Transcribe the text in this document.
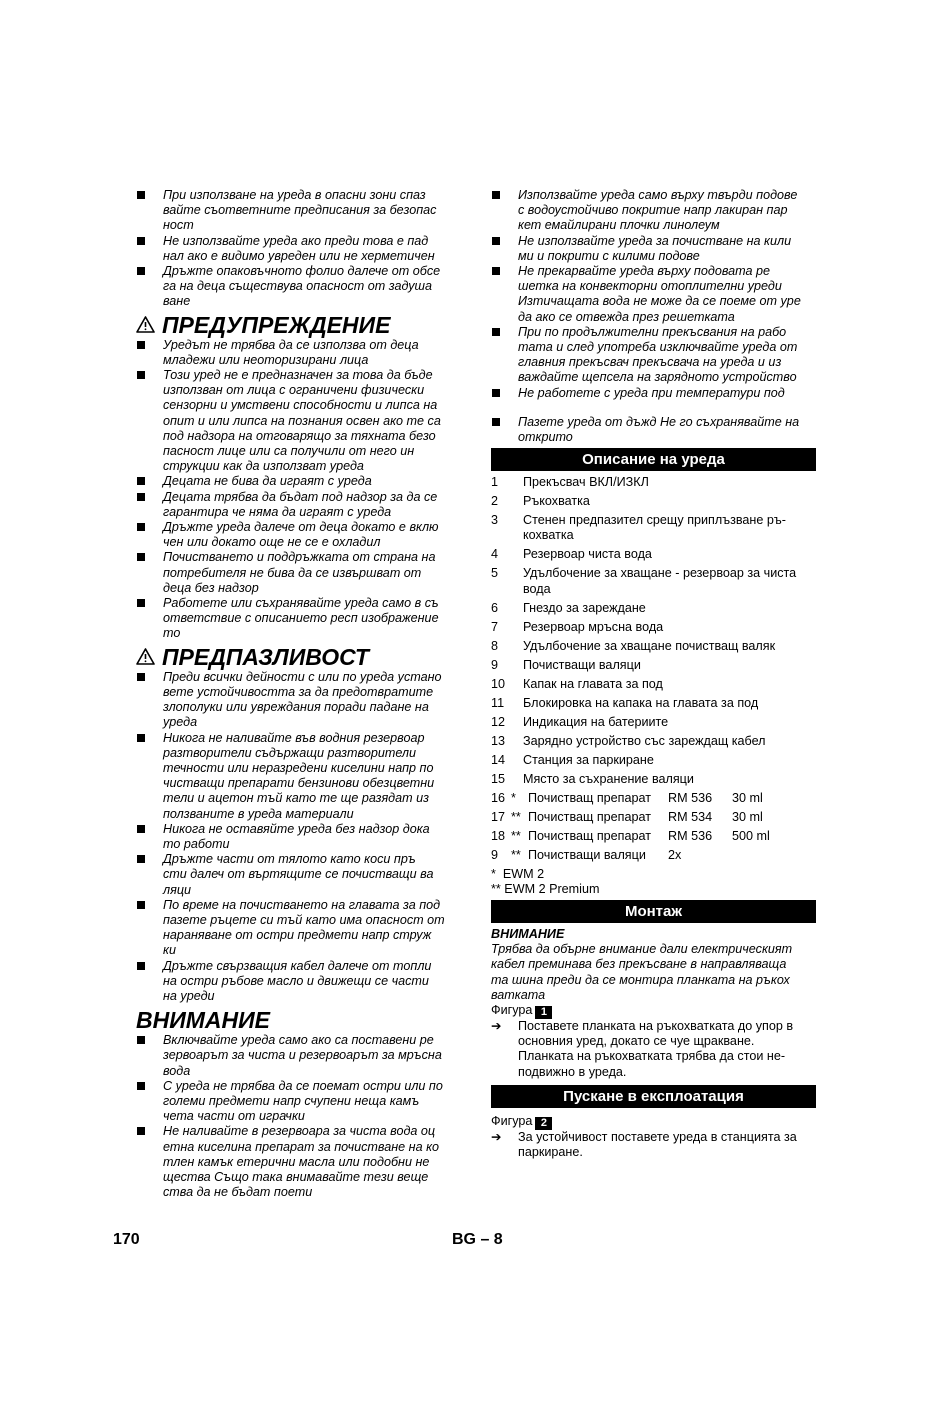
При използване на уреда в опасни зони спаз
вайте съответните предписания за безопас
ност
Не използвайте уреда ако преди това е пад
нал ако е видимо увреден или не херметичен
Дръжте опаковъчното фолио далече от обсе
га на деца съществува опасност от задуша
ване
ПРЕДУПРЕЖДЕНИЕ
Уредът не трябва да се използва от деца
младежи или неоторизирани лица
Този уред не е предназначен за това да бъде
използван от лица с ограничени физически
сензорни и умствени способности и липса на
опит и или липса на познания освен ако те са
под надзора на отговарящо за тяхната безо
пасност лице или са получили от него ин
струкции как да използват уреда
Децата не бива да играят с уреда
Децата трябва да бъдат под надзор за да се
гарантира че няма да играят с уреда
Дръжте уреда далече от деца докато е вклю
чен или докато още не се е охладил
Почистването и поддръжката от страна на
потребителя не бива да се извършват от
деца без надзор
Работете или съхранявайте уреда само в съ
ответствие с описанието респ изображение
то
ПРЕДПАЗЛИВОСТ
Преди всички дейности с или по уреда устано
вете устойчивостта за да предотвратите
злополуки или увреждания поради падане на
уреда
Никога не наливайте във водния резервоар
разтворители съдържащи разтворители
течности или неразредени киселини напр по
чистващи препарати бензинови обезцветни
тели и ацетон тъй като те ще разядат из
ползваните в уреда материали
Никога не оставяйте уреда без надзор дока
то работи
Дръжте части от тялото като коси пръ
сти далеч от въртящите се почистващи ва
ляци
По време на почистването на главата за под
пазете ръцете си тъй като има опасност от
нараняване от остри предмети напр струж
ки
Дръжте свързващия кабел далече от топли
на остри ръбове масло и движещи се части
на уреди
ВНИМАНИЕ
Включвайте уреда само ако са поставени ре
зервоарът за чиста и резервоарът за мръсна
вода
С уреда не трябва да се поемат остри или по
големи предмети напр счупени неща камъ
чета части от играчки
Не наливайте в резервоара за чиста вода оц
етна киселина препарат за почистване на ко
тлен камък етерични масла или подобни не
щества Също така внимавайте тези веще
ства да не бъдат поети
Използвайте уреда само върху твърди подове
с водоустойчиво покритие напр лакиран пар
кет емайлирани плочки линолеум
Не използвайте уреда за почистване на кили
ми и покрити с килими подове
Не прекарвайте уреда върху подовата ре
шетка на конвекторни отоплителни уреди
Изтичащата вода не може да се поеме от уре
да ако се отвежда през решетката
При по продължителни прекъсвания на рабо
тата и след употреба изключвайте уреда от
главния прекъсвач прекъсвача на уреда и из
важдайте щепсела на зарядното устройство
Не работете с уреда при температури под
Пазете уреда от дъжд Не го съхранявайте на
открито
Описание на уреда
1	Прекъсвач ВКЛ/ИЗКЛ
2	Ръкохватка
3	Стенен предпазител срещу приплъзване ръ-
кохватка
4	Резервоар чиста вода
5	Удълбочение за хващане - резервоар за чиста
вода
6	Гнездо за зареждане
7	Резервоар мръсна вода
8	Удълбочение за хващане почистващ валяк
9	Почистващи валяци
10	Капак на главата за под
11	Блокировка на капака на главата за под
12	Индикация на батериите
13	Зарядно устройство със зареждащ кабел
14	Станция за паркиране
15	Място за съхранение валяци
16 * Почистващ препарат	RM 536	30 ml
17 ** Почистващ препарат	RM 534	30 ml
18 ** Почистващ препарат	RM 536	500 ml
9	** Почистващи валяци	2x
*  EWM 2
** EWM 2 Premium
Монтаж
ВНИМАНИЕ
Трябва да обърне внимание дали електрическият
кабел преминава без прекъсване в направляваща
та шина преди да се монтира планката на ръкох
ватката
Фигура 1
➔ Поставете планката на ръкохватката до упор в
основния уред, докато се чуе щракване.
Планката на ръкохватката трябва да стои не-
подвижно в уреда.
Пускане в експлоатация
Фигура 2
➔ За устойчивост поставете уреда в станцията за
паркиране.
170	BG – 8
